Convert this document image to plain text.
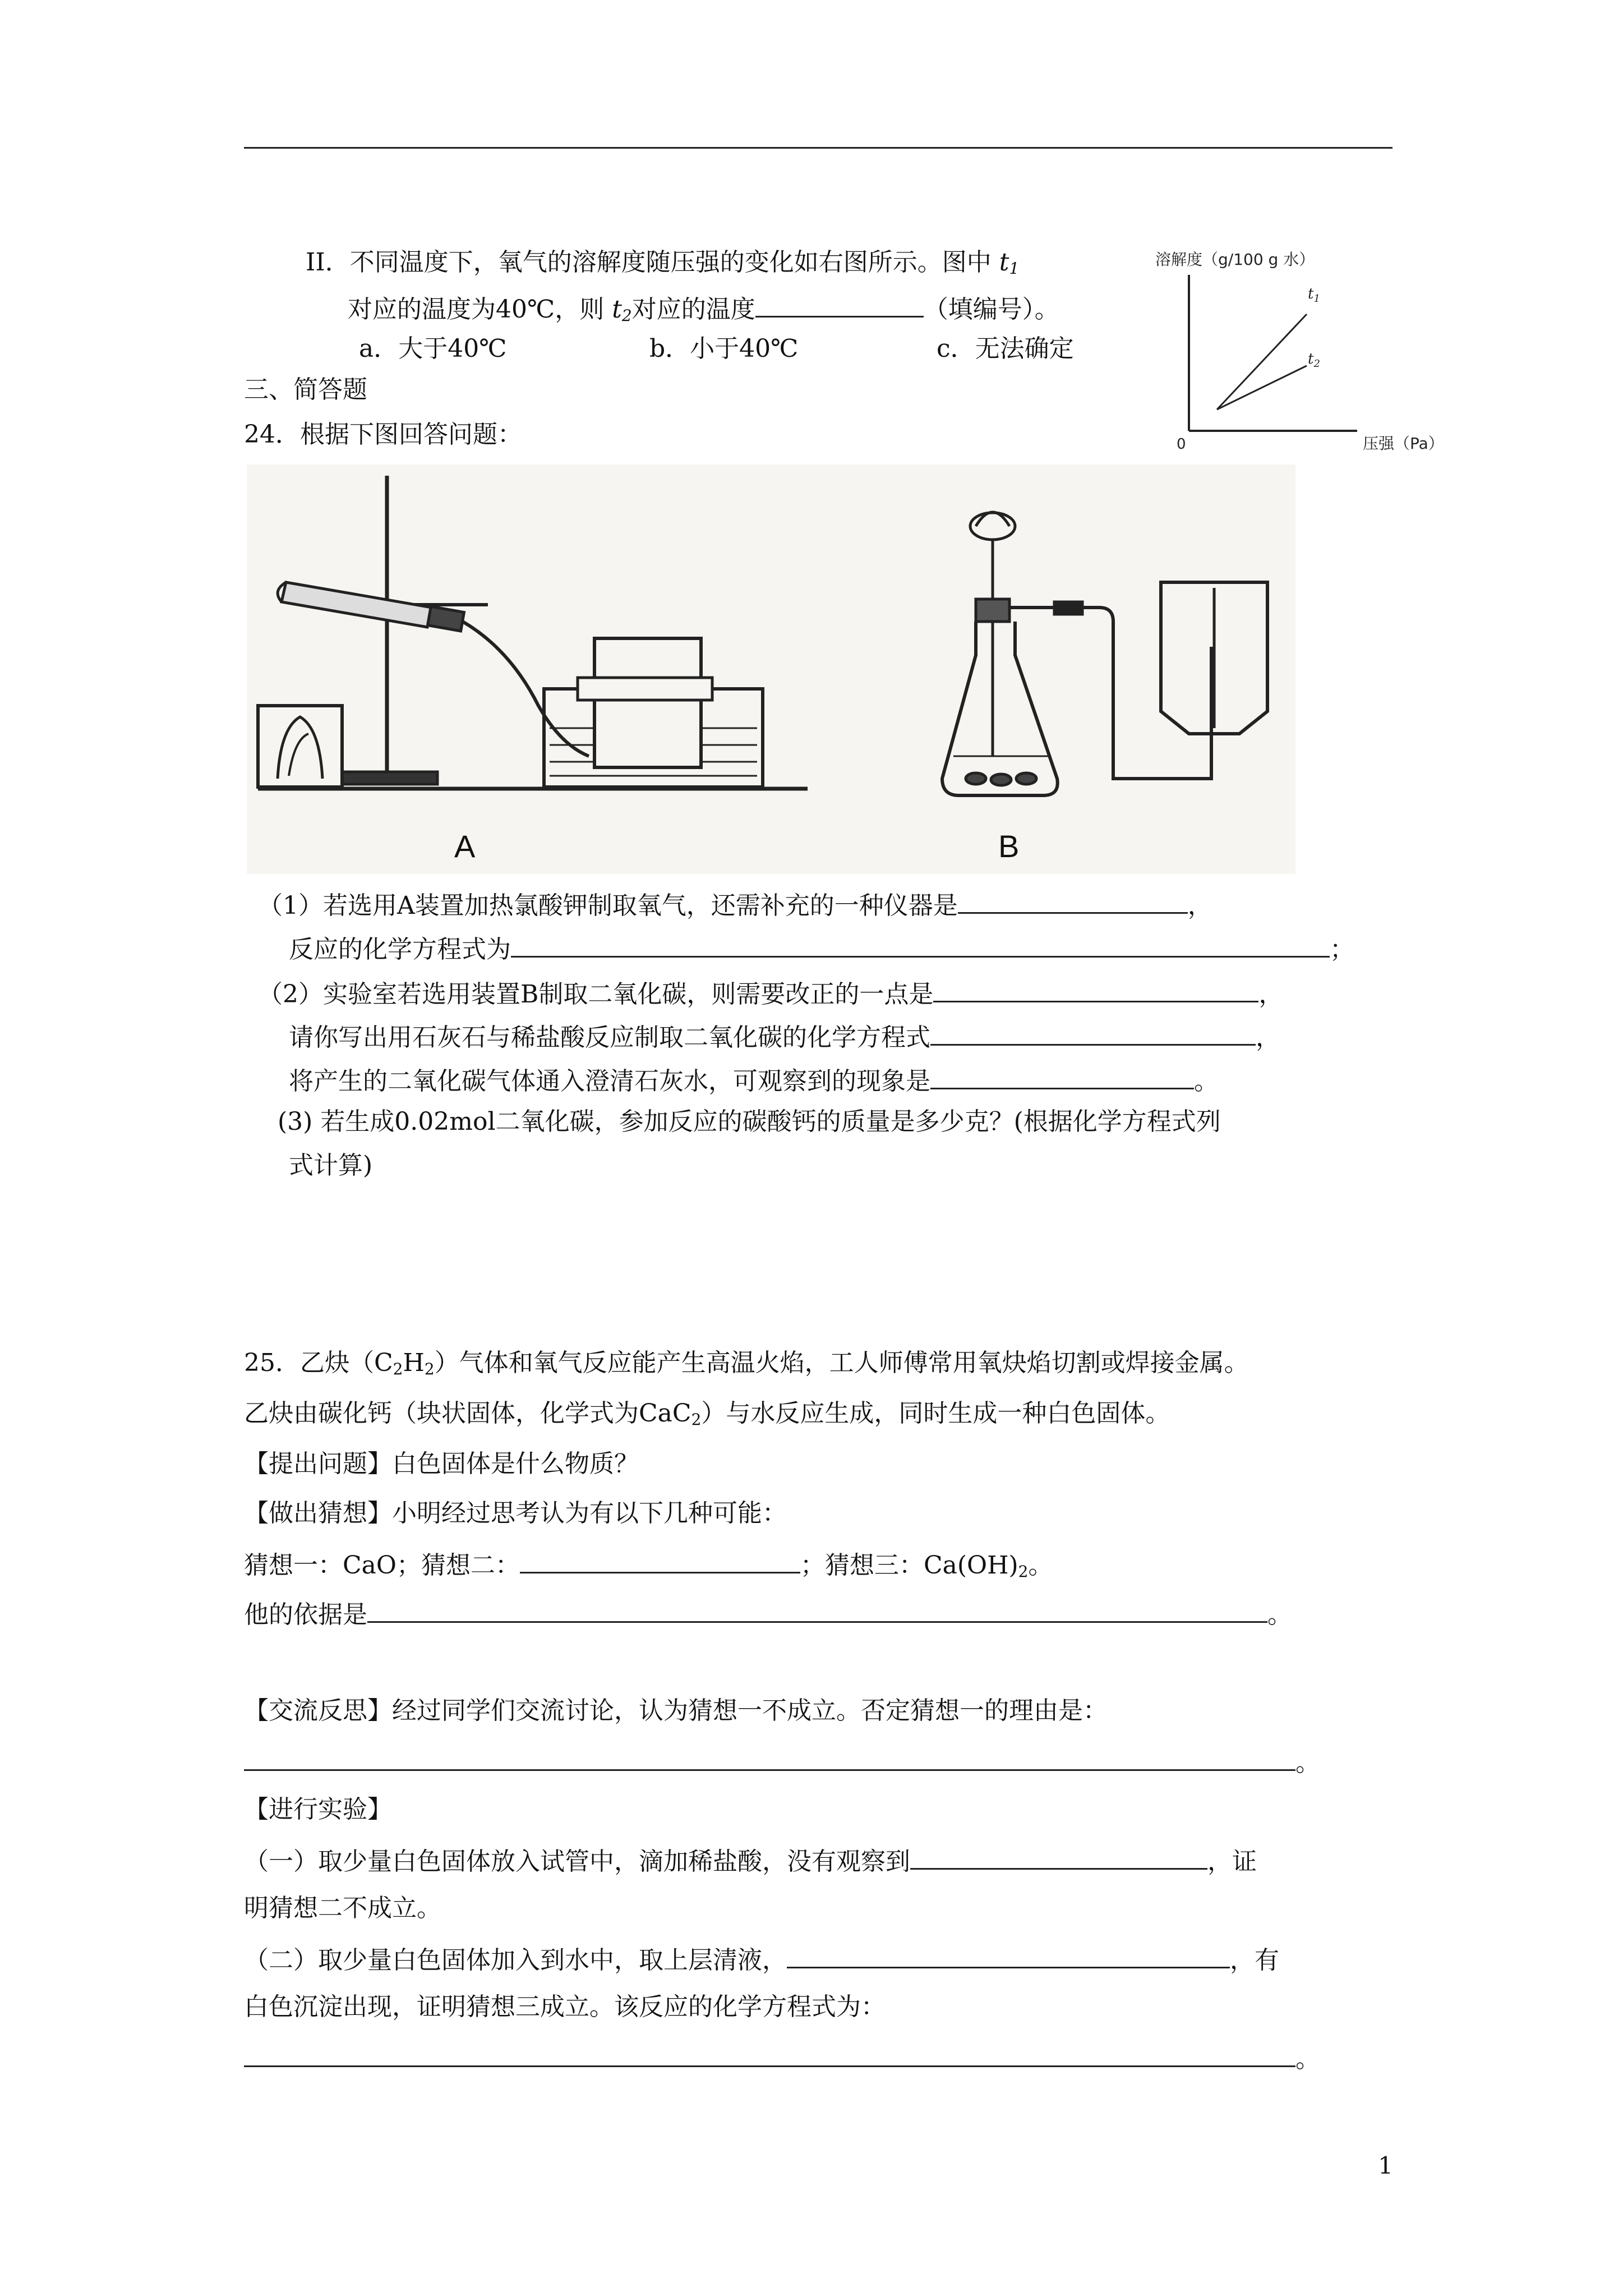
II．不同温度下，氧气的溶解度随压强的变化如右图所示。图中 $t_1$
对应的温度为40℃，则 $t_2$对应的温度	（填编号）。
a．大于40℃	b．小于40℃	c．无法确定
溶解度（g/100 g 水）
0	压强（Pa）
$t_1$
$t_2$
三、简答题
24．根据下图回答问题：
A	B
（1）若选用A装置加热氯酸钾制取氧气，还需补充的一种仪器是	，
反应的化学方程式为	；
（2）实验室若选用装置B制取二氧化碳，则需要改正的一点是	，
请你写出用石灰石与稀盐酸反应制取二氧化碳的化学方程式	，
将产生的二氧化碳气体通入澄清石灰水，可观察到的现象是	。
(3) 若生成0.02mol二氧化碳，参加反应的碳酸钙的质量是多少克？(根据化学方程式列
式计算)
25．乙炔$(C_2H_2)$气体和氧气反应能产生高温火焰，工人师傅常用氧炔焰切割或焊接金属。
乙炔由碳化钙（块状固体，化学式为CaC$_2$）与水反应生成，同时生成一种白色固体。
【提出问题】白色固体是什么物质？
【做出猜想】小明经过思考认为有以下几种可能：
猜想一：CaO；猜想二：	；猜想三：$Ca(OH)_2$。
他的依据是	。
【交流反思】经过同学们交流讨论，认为猜想一不成立。否定猜想一的理由是：
。
【进行实验】
（一）取少量白色固体放入试管中，滴加稀盐酸，没有观察到	，证
明猜想二不成立。
（二）取少量白色固体加入到水中，取上层清液，	，有
白色沉淀出现，证明猜想三成立。该反应的化学方程式为：
。
1
